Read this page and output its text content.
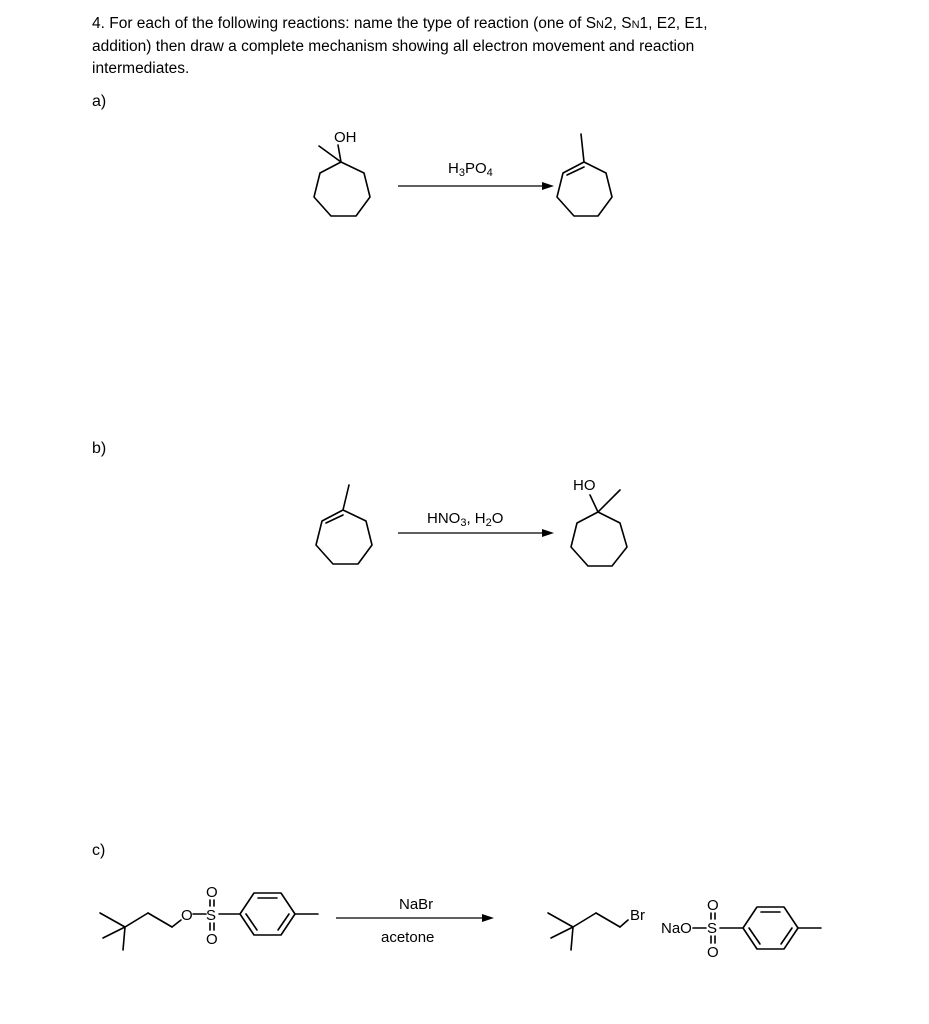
4. For each of the following reactions: name the type of reaction (one of SN2, SN1, E2, E1,

addition) then draw a complete mechanism showing all electron movement and reaction

intermediates.

a)
b)
c)
OH
$H_3PO_4$
$HNO_3$, $H_2O$
HO
O S
O
O
NaBr
acetone
Br
NaO S
O
O
